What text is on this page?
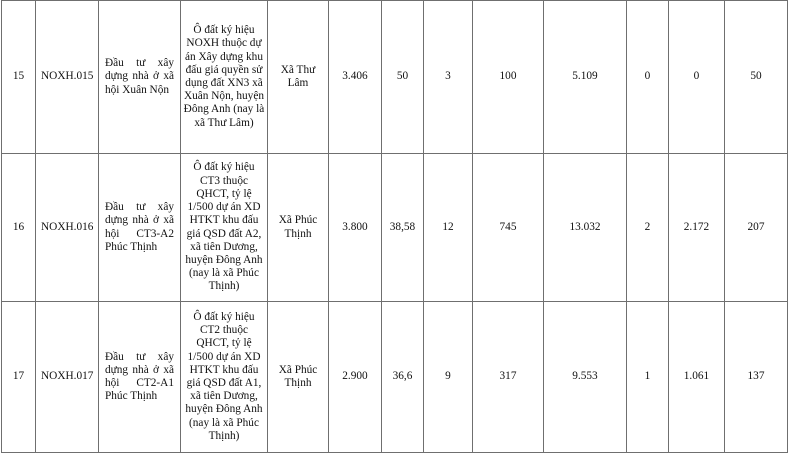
15	NOXH.015	Đầu tư xây dựng nhà ở xã hội Xuân Nộn	Ô đất ký hiệu NOXH thuộc dự án Xây dựng khu đấu giá quyền sử dụng đất XN3 xã Xuân Nộn, huyện Đông Anh (nay là xã Thư Lâm)	Xã Thư Lâm	3.406	50	3	100	5.109	0	0	50
16	NOXH.016	Đầu tư xây dựng nhà ở xã hội CT3-A2 Phúc Thịnh	Ô đất ký hiệu CT3 thuộc QHCT, tỷ lệ 1/500 dự án XD HTKT khu đấu giá QSD đất A2, xã tiên Dương, huyện Đông Anh (nay là xã Phúc Thịnh)	Xã Phúc Thịnh	3.800	38,58	12	745	13.032	2	2.172	207
17	NOXH.017	Đầu tư xây dựng nhà ở xã hội CT2-A1 Phúc Thịnh	Ô đất ký hiệu CT2 thuộc QHCT, tỷ lệ 1/500 dự án XD HTKT khu đấu giá QSD đất A1, xã tiên Dương, huyện Đông Anh (nay là xã Phúc Thịnh)	Xã Phúc Thịnh	2.900	36,6	9	317	9.553	1	1.061	137
